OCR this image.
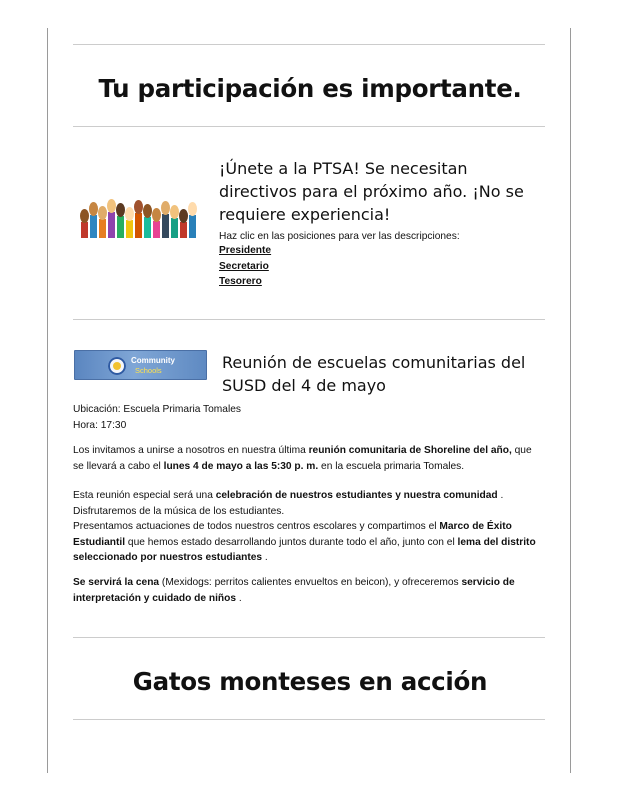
Tu participación es importante.
¡Únete a la PTSA! Se necesitan directivos para el próximo año. ¡No se requiere experiencia!
Haz clic en las posiciones para ver las descripciones:
Presidente
Secretario
Tesorero
Community
Schools	Reunión de escuelas comunitarias del SUSD del 4 de mayo

Ubicación: Escuela Primaria Tomales

Hora: 17:30

Los invitamos a unirse a nosotros en nuestra última reunión comunitaria de Shoreline del año, que se llevará a cabo el lunes 4 de mayo a las 5:30 p. m. en la escuela primaria Tomales.

Esta reunión especial será una celebración de nuestros estudiantes y nuestra comunidad .

Disfrutaremos de la música de los estudiantes.

Presentamos actuaciones de todos nuestros centros escolares y compartimos el Marco de Éxito Estudiantil que hemos estado desarrollando juntos durante todo el año, junto con el lema del distrito seleccionado por nuestros estudiantes .

Se servirá la cena (Mexidogs: perritos calientes envueltos en beicon), y ofreceremos servicio de interpretación y cuidado de niños .

Gatos monteses en acción
